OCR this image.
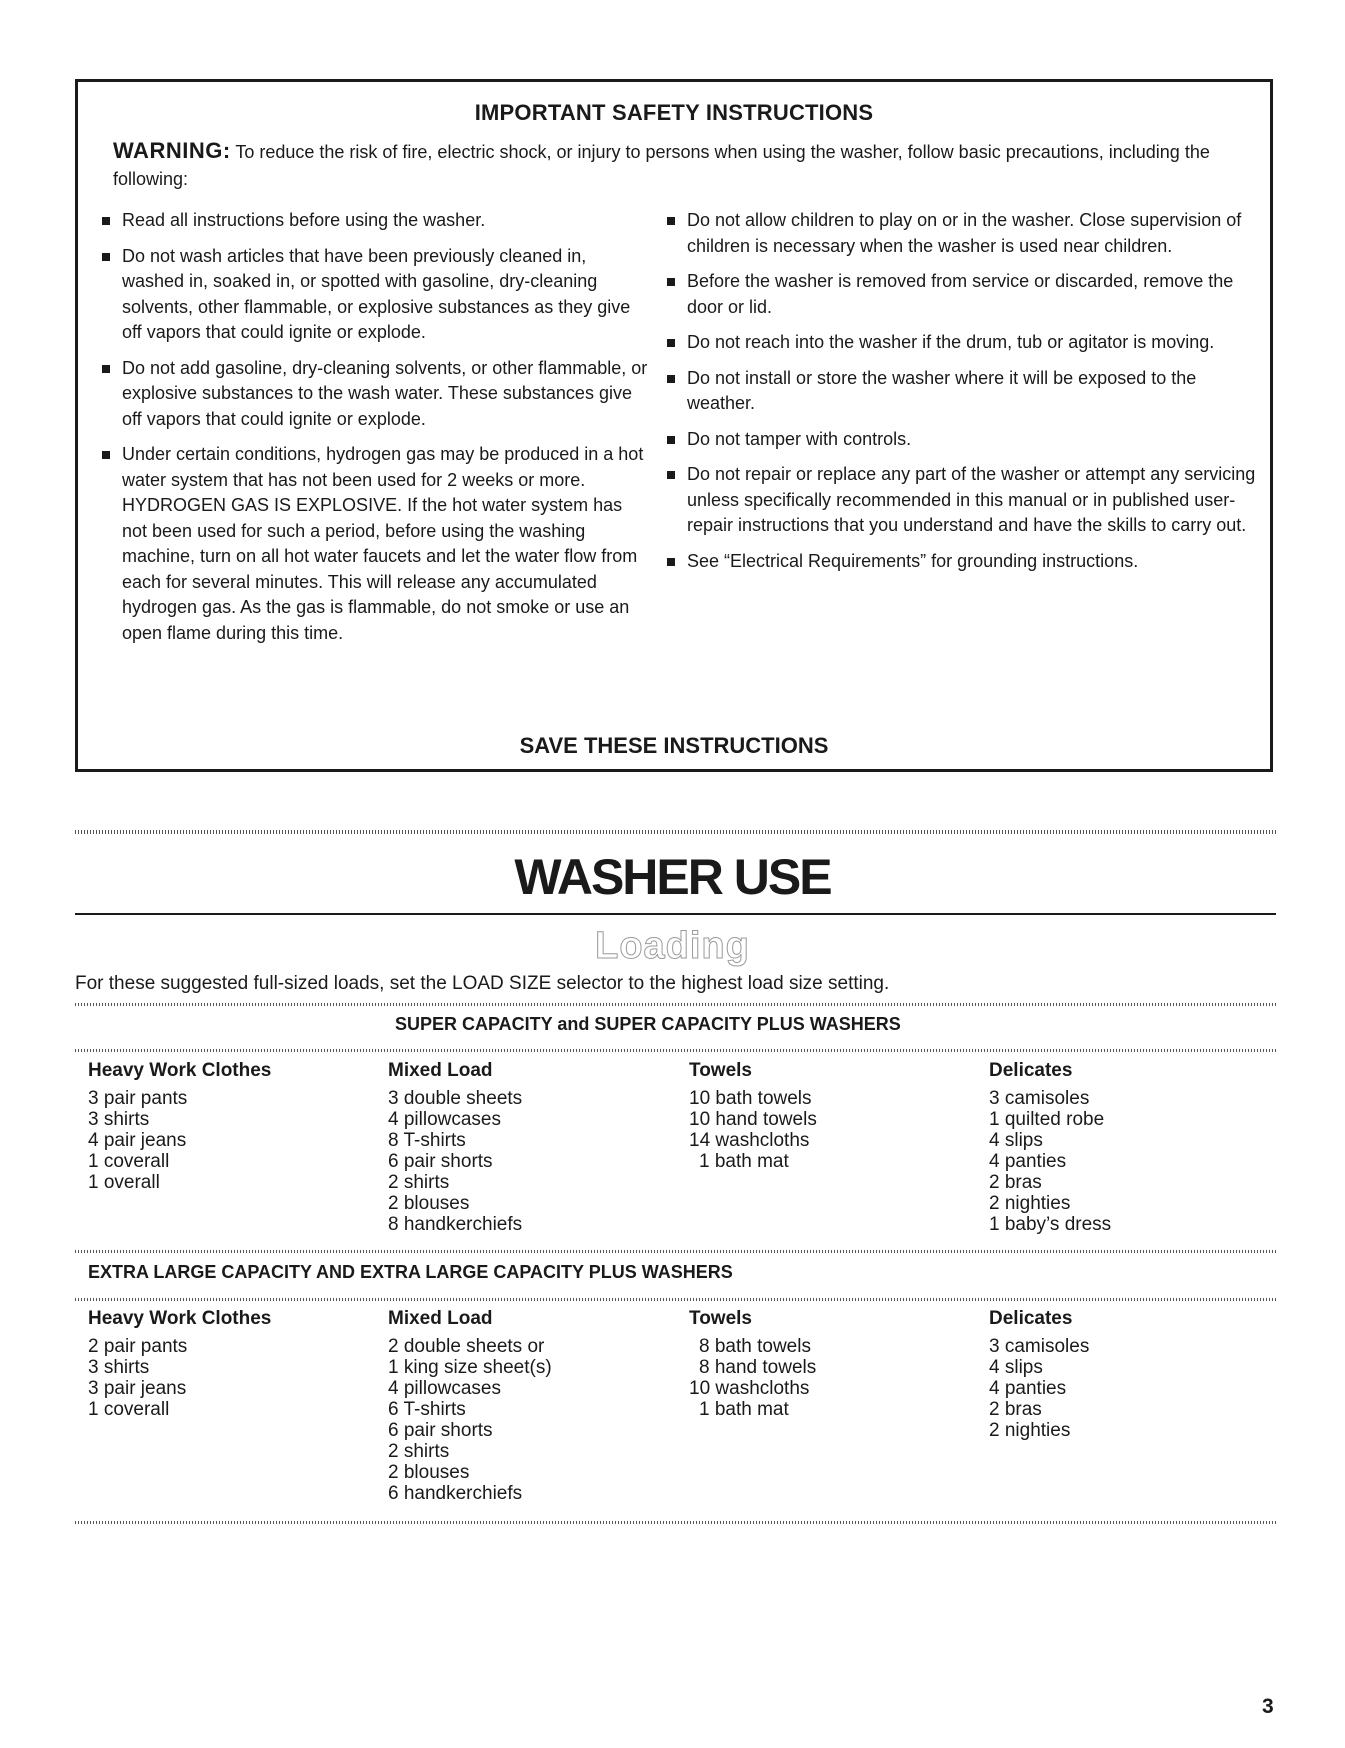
IMPORTANT SAFETY INSTRUCTIONS
WARNING: To reduce the risk of fire, electric shock, or injury to persons when using the washer, follow basic precautions, including the following:
Read all instructions before using the washer.
Do not wash articles that have been previously cleaned in, washed in, soaked in, or spotted with gasoline, dry-cleaning solvents, other flammable, or explosive substances as they give off vapors that could ignite or explode.
Do not add gasoline, dry-cleaning solvents, or other flammable, or explosive substances to the wash water. These substances give off vapors that could ignite or explode.
Under certain conditions, hydrogen gas may be produced in a hot water system that has not been used for 2 weeks or more. HYDROGEN GAS IS EXPLOSIVE. If the hot water system has not been used for such a period, before using the washing machine, turn on all hot water faucets and let the water flow from each for several minutes. This will release any accumulated hydrogen gas. As the gas is flammable, do not smoke or use an open flame during this time.
Do not allow children to play on or in the washer. Close supervision of children is necessary when the washer is used near children.
Before the washer is removed from service or discarded, remove the door or lid.
Do not reach into the washer if the drum, tub or agitator is moving.
Do not install or store the washer where it will be exposed to the weather.
Do not tamper with controls.
Do not repair or replace any part of the washer or attempt any servicing unless specifically recommended in this manual or in published user-repair instructions that you understand and have the skills to carry out.
See “Electrical Requirements” for grounding instructions.
SAVE THESE INSTRUCTIONS
WASHER USE
Loading
For these suggested full-sized loads, set the LOAD SIZE selector to the highest load size setting.
SUPER CAPACITY and SUPER CAPACITY PLUS WASHERS
Heavy Work Clothes
3 pair pants
3 shirts
4 pair jeans
1 coverall
1 overall
Mixed Load
3 double sheets
4 pillowcases
8 T-shirts
6 pair shorts
2 shirts
2 blouses
8 handkerchiefs
Towels
10 bath towels
10 hand towels
14 washcloths
1 bath mat
Delicates
3 camisoles
1 quilted robe
4 slips
4 panties
2 bras
2 nighties
1 baby’s dress
EXTRA LARGE CAPACITY AND EXTRA LARGE CAPACITY PLUS WASHERS
Heavy Work Clothes
2 pair pants
3 shirts
3 pair jeans
1 coverall
Mixed Load
2 double sheets or
1 king size sheet(s)
4 pillowcases
6 T-shirts
6 pair shorts
2 shirts
2 blouses
6 handkerchiefs
Towels
8 bath towels
8 hand towels
10 washcloths
1 bath mat
Delicates
3 camisoles
4 slips
4 panties
2 bras
2 nighties
3
